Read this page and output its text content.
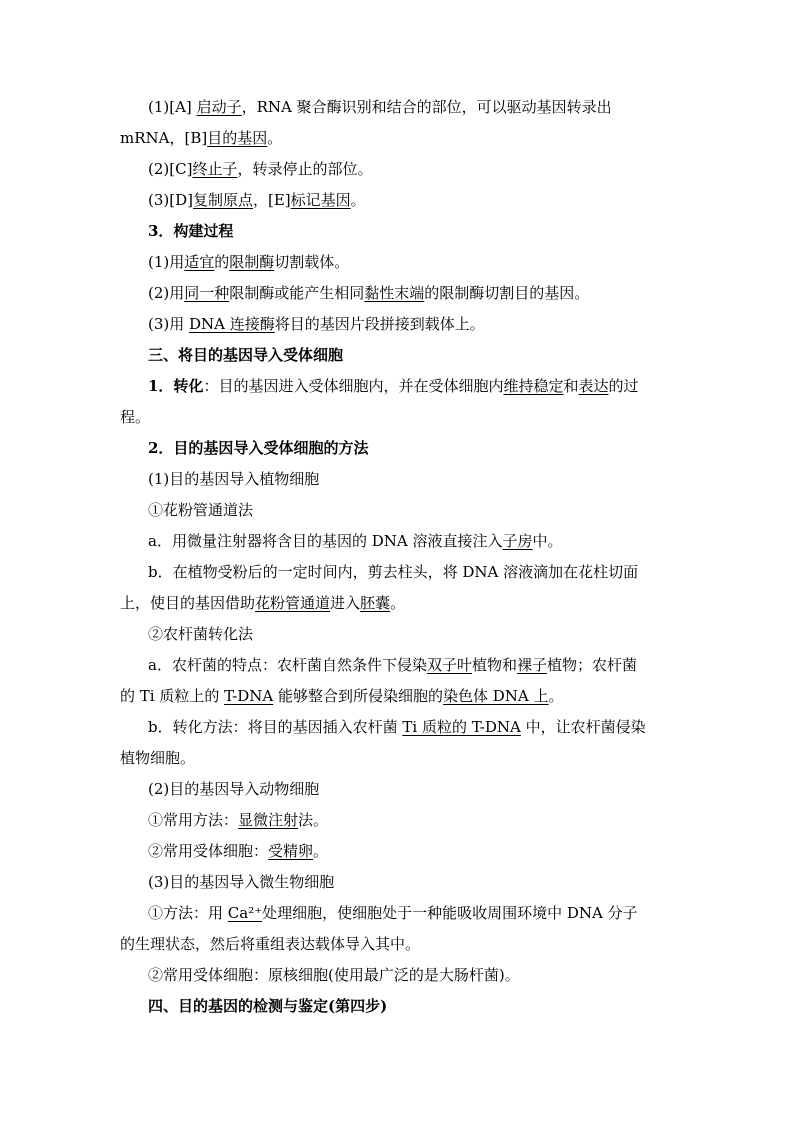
(1)[A] 启动子，RNA 聚合酶识别和结合的部位，可以驱动基因转录出
mRNA，[B]目的基因。
(2)[C]终止子，转录停止的部位。
(3)[D]复制原点，[E]标记基因。
3．构建过程
(1)用适宜的限制酶切割载体。
(2)用同一种限制酶或能产生相同黏性末端的限制酶切割目的基因。
(3)用 DNA 连接酶将目的基因片段拼接到载体上。
三、将目的基因导入受体细胞
1．转化：目的基因进入受体细胞内，并在受体细胞内维持稳定和表达的过
程。
2．目的基因导入受体细胞的方法
(1)目的基因导入植物细胞
①花粉管通道法
a．用微量注射器将含目的基因的 DNA 溶液直接注入子房中。
b．在植物受粉后的一定时间内，剪去柱头，将 DNA 溶液滴加在花柱切面
上，使目的基因借助花粉管通道进入胚囊。
②农杆菌转化法
a．农杆菌的特点：农杆菌自然条件下侵染双子叶植物和裸子植物；农杆菌
的 Ti 质粒上的 T-DNA 能够整合到所侵染细胞的染色体 DNA 上。
b．转化方法：将目的基因插入农杆菌 Ti 质粒的 T-DNA 中，让农杆菌侵染
植物细胞。
(2)目的基因导入动物细胞
①常用方法：显微注射法。
②常用受体细胞：受精卵。
(3)目的基因导入微生物细胞
①方法：用 Ca²⁺处理细胞，使细胞处于一种能吸收周围环境中 DNA 分子
的生理状态，然后将重组表达载体导入其中。
②常用受体细胞：原核细胞(使用最广泛的是大肠杆菌)。
四、目的基因的检测与鉴定(第四步)
